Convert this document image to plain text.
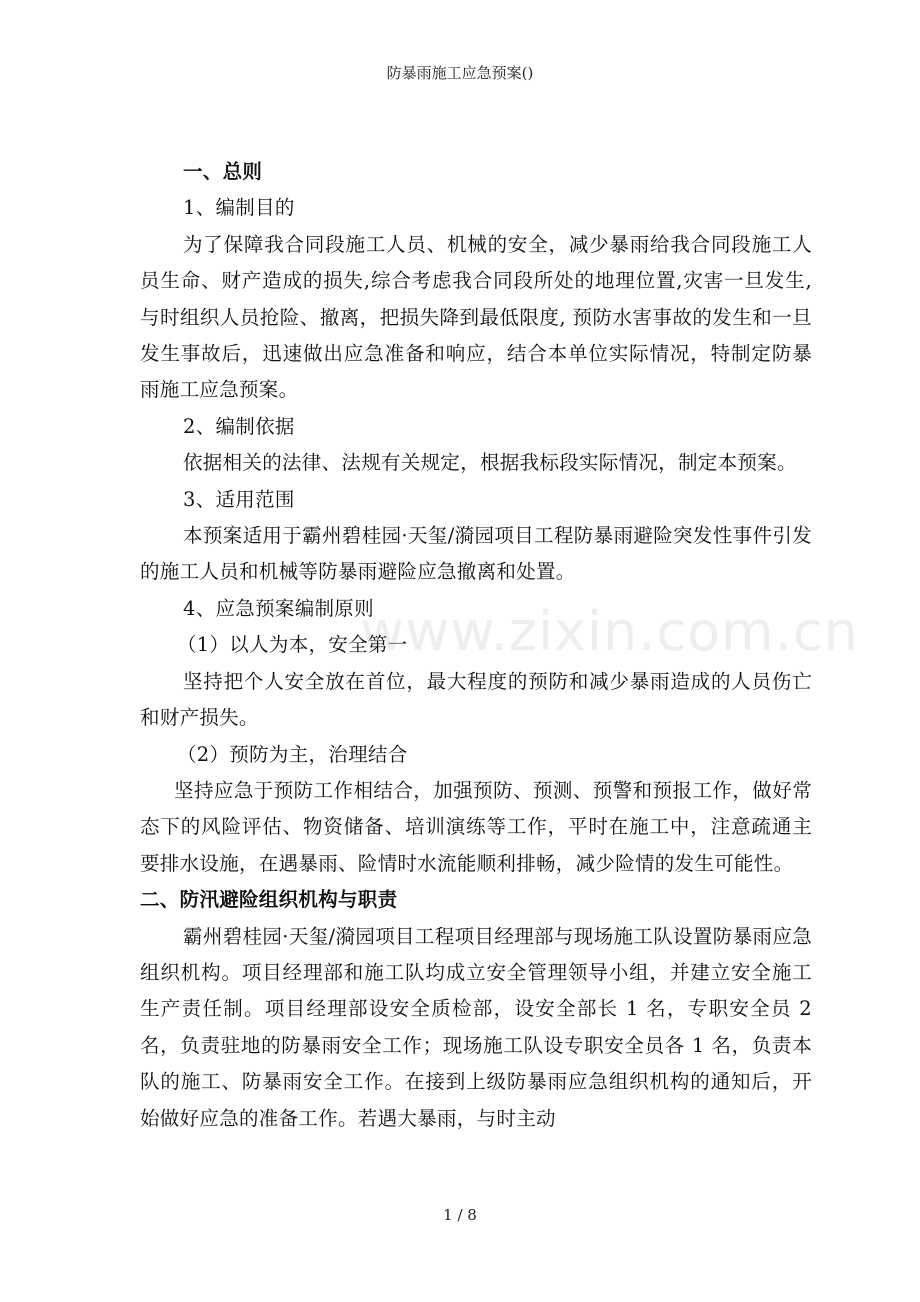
防暴雨施工应急预案()
www.zixin.com.cn

一、总则

1、编制目的

为了保障我合同段施工人员、机械的安全，减少暴雨给我合同段施工人员生命、财产造成的损失,综合考虑我合同段所处的地理位置,灾害一旦发生,与时组织人员抢险、撤离，把损失降到最低限度, 预防水害事故的发生和一旦发生事故后，迅速做出应急准备和响应，结合本单位实际情况，特制定防暴雨施工应急预案。

2、编制依据

依据相关的法律、法规有关规定，根据我标段实际情况，制定本预案。

3、适用范围

本预案适用于霸州碧桂园·天玺/漪园项目工程防暴雨避险突发性事件引发的施工人员和机械等防暴雨避险应急撤离和处置。

4、应急预案编制原则

（1）以人为本，安全第一

坚持把个人安全放在首位，最大程度的预防和减少暴雨造成的人员伤亡和财产损失。

（2）预防为主，治理结合

坚持应急于预防工作相结合，加强预防、预测、预警和预报工作，做好常态下的风险评估、物资储备、培训演练等工作，平时在施工中，注意疏通主要排水设施，在遇暴雨、险情时水流能顺利排畅，减少险情的发生可能性。

二、防汛避险组织机构与职责

霸州碧桂园·天玺/漪园项目工程项目经理部与现场施工队设置防暴雨应急组织机构。项目经理部和施工队均成立安全管理领导小组，并建立安全施工生产责任制。项目经理部设安全质检部，设安全部长 1 名，专职安全员 2 名，负责驻地的防暴雨安全工作；现场施工队设专职安全员各 1 名，负责本队的施工、防暴雨安全工作。在接到上级防暴雨应急组织机构的通知后，开始做好应急的准备工作。若遇大暴雨，与时主动

1 / 8
